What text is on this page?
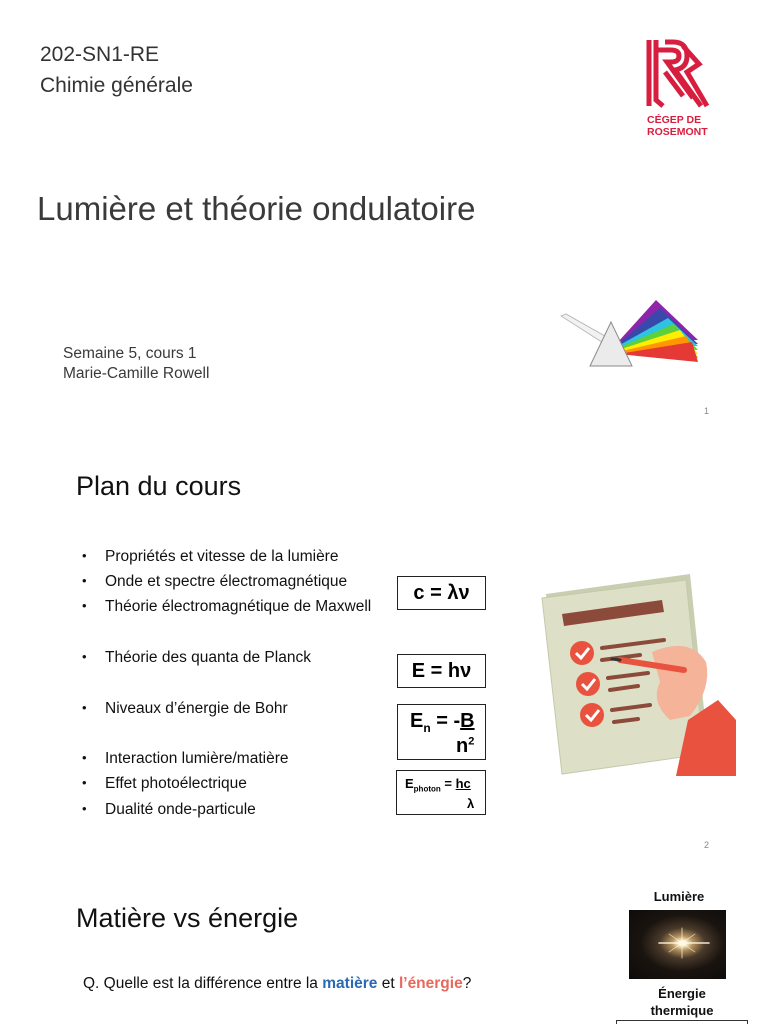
202-SN1-RE
Chimie générale
CÉGEP DE
ROSEMONT
Lumière et théorie ondulatoire
Semaine 5, cours 1
Marie-Camille Rowell
1
Plan du cours
• Propriétés et vitesse de la lumière
• Onde et spectre électromagnétique
• Théorie électromagnétique de Maxwell
• Théorie des quanta de Planck
• Niveaux d’énergie de Bohr
• Interaction lumière/matière
• Effet photoélectrique
• Dualité onde-particule
c = λν
E = hν
$E_n = -B$
$n^2$
$E_{photon}$ = hc
λ
2
Matière vs énergie
Q. Quelle est la différence entre la matière et l’énergie?
Lumière
Énergie
thermique
